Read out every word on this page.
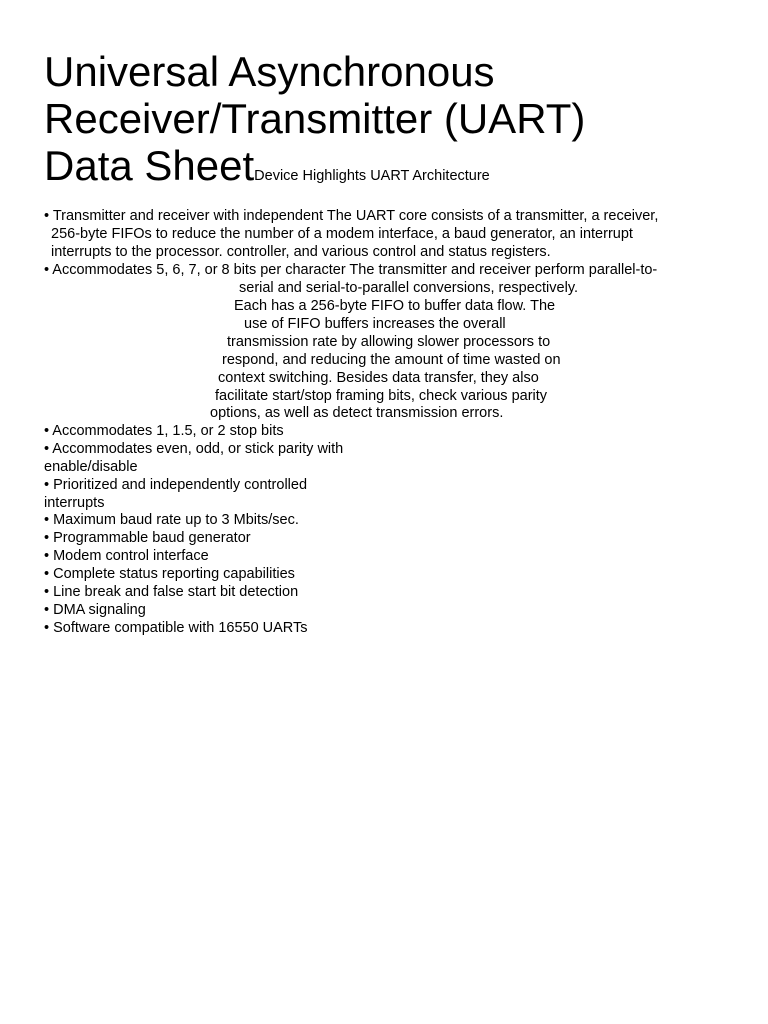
Universal Asynchronous
Receiver/Transmitter (UART)
Data SheetDevice Highlights UART Architecture
• Transmitter and receiver with independent The UART core consists of a transmitter, a receiver,
256-byte FIFOs to reduce the number of a modem interface, a baud generator, an interrupt
interrupts to the processor. controller, and various control and status registers.
• Accommodates 5, 6, 7, or 8 bits per character The transmitter and receiver perform parallel-to-
serial and serial-to-parallel conversions, respectively.
Each has a 256-byte FIFO to buffer data flow. The
use of FIFO buffers increases the overall
transmission rate by allowing slower processors to
respond, and reducing the amount of time wasted on
context switching. Besides data transfer, they also
facilitate start/stop framing bits, check various parity
options, as well as detect transmission errors.
• Accommodates 1, 1.5, or 2 stop bits
• Accommodates even, odd, or stick parity with
enable/disable
• Prioritized and independently controlled
interrupts
• Maximum baud rate up to 3 Mbits/sec.
• Programmable baud generator
• Modem control interface
• Complete status reporting capabilities
• Line break and false start bit detection
• DMA signaling
• Software compatible with 16550 UARTs
